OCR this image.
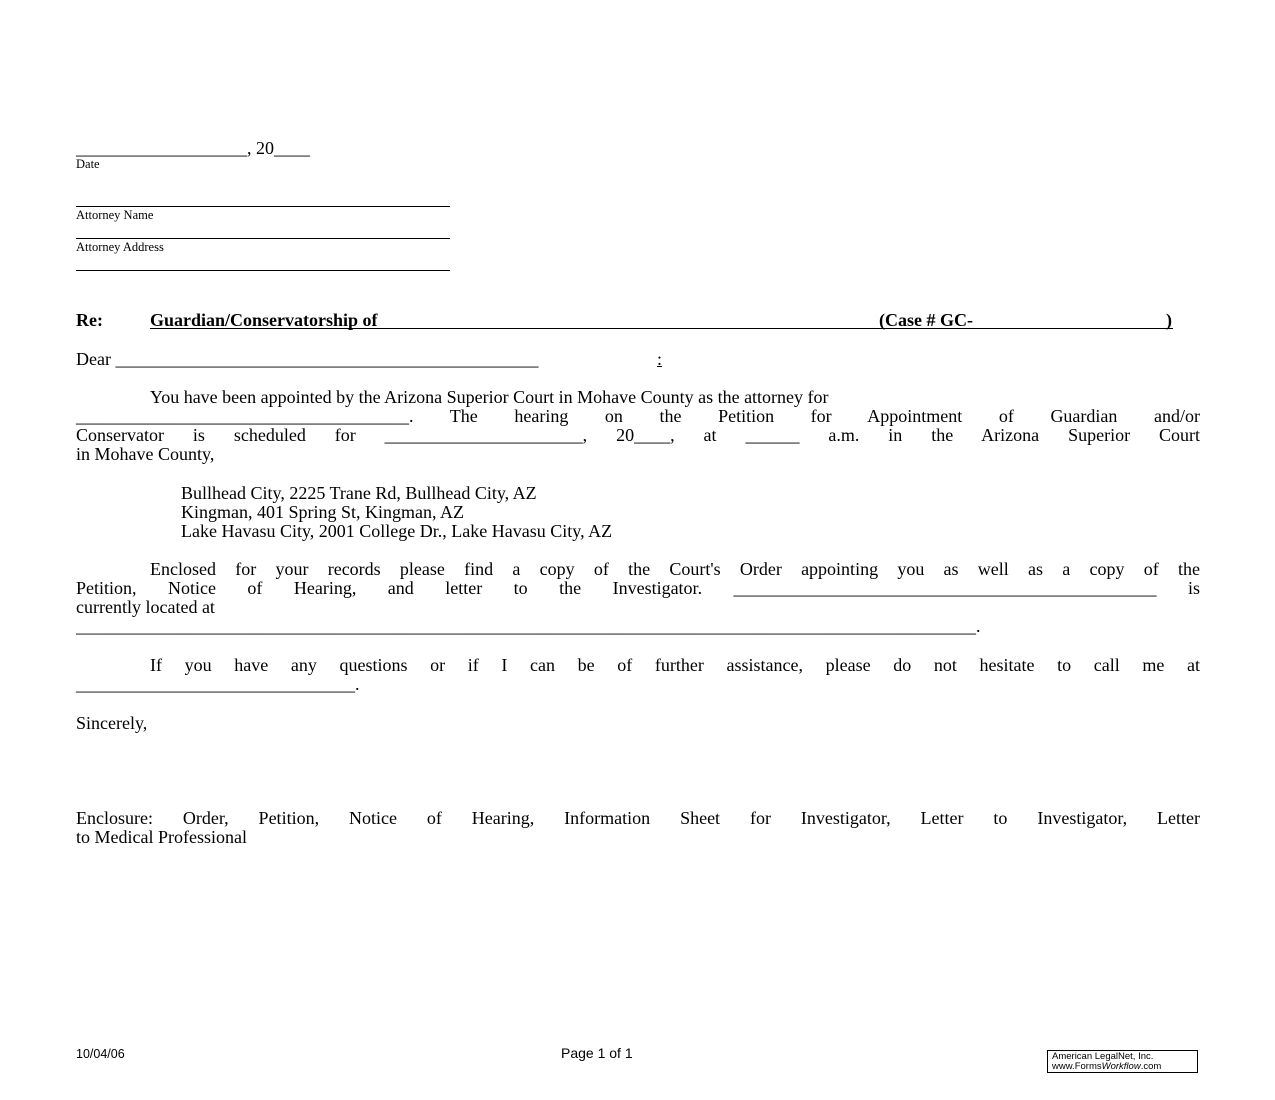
___________________, 20____
Date
Attorney Name
Attorney Address
Re:	Guardian/Conservatorship of	(Case # GC-	)
Dear _______________________________________________	:
You have been appointed by the Arizona Superior Court in Mohave County as the attorney for
_____________________________________. The hearing on the Petition for Appointment of Guardian and/or
Conservator is scheduled for ______________________, 20____, at ______ a.m. in the Arizona Superior Court
in Mohave County,
Bullhead City, 2225 Trane Rd, Bullhead City, AZ
Kingman, 401 Spring St, Kingman, AZ
Lake Havasu City, 2001 College Dr., Lake Havasu City, AZ
Enclosed for your records please find a copy of the Court's Order appointing you as well as a copy of the
Petition, Notice of Hearing, and letter to the Investigator. _______________________________________________ is
currently located at
____________________________________________________________________________________________________.
If you have any questions or if I can be of further assistance, please do not hesitate to call me at
_______________________________.
Sincerely,
Enclosure: Order, Petition, Notice of Hearing, Information Sheet for Investigator, Letter to Investigator, Letter
to Medical Professional
10/04/06	Page 1 of 1	American LegalNet, Inc.
www.FormsWorkflow.com
